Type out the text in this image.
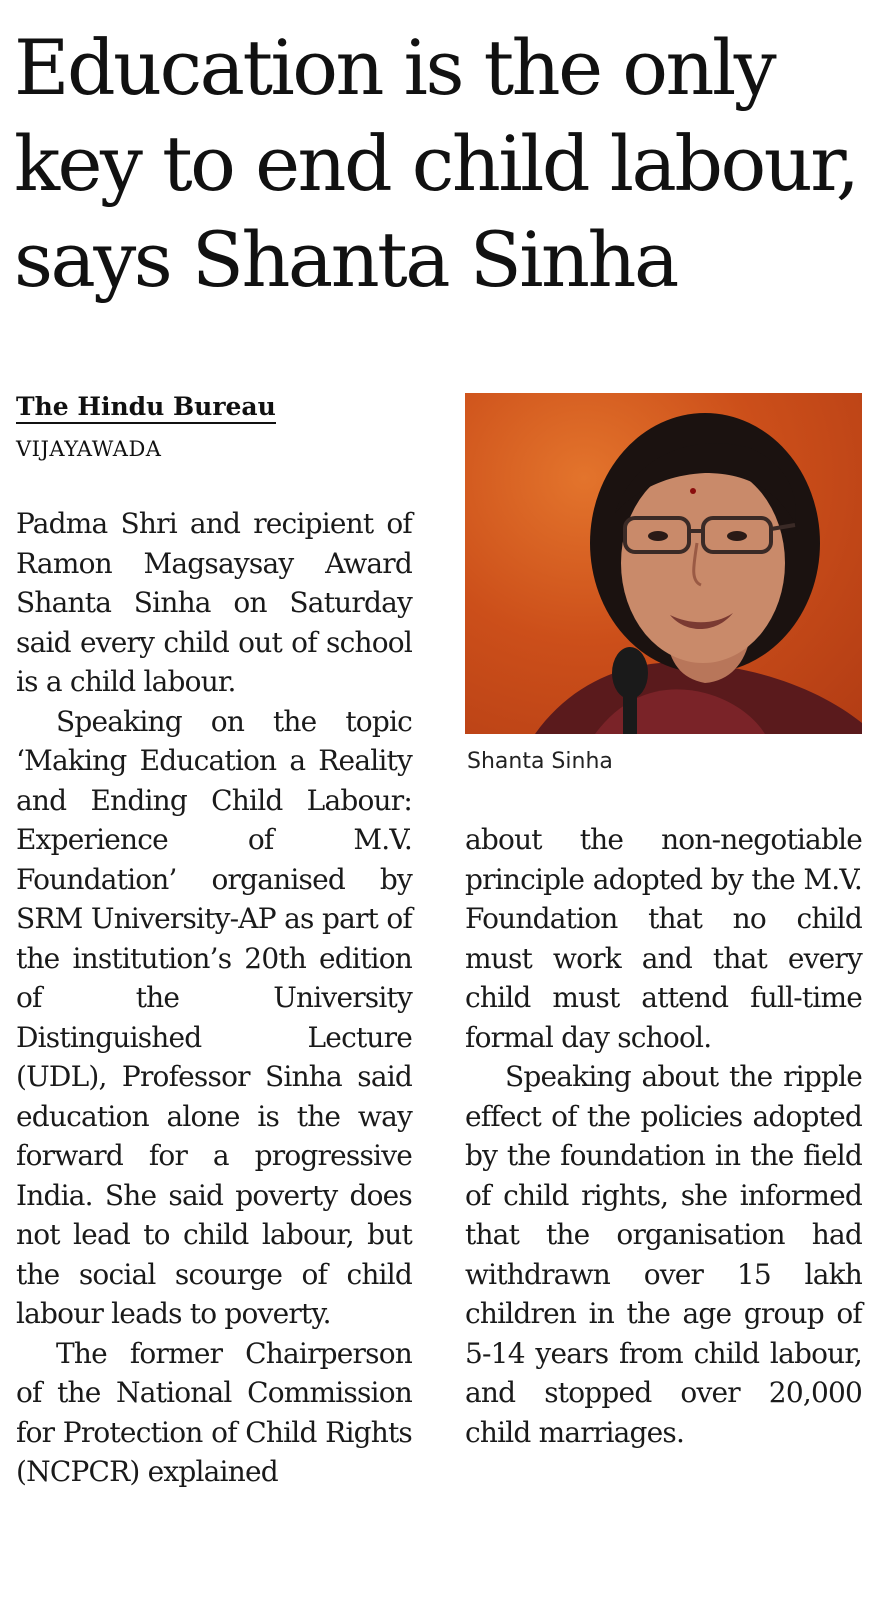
Education is the only
key to end child labour,
says Shanta Sinha
The Hindu Bureau
VIJAYAWADA

Padma Shri and recipient of Ramon Magsaysay Award Shanta Sinha on Saturday said every child out of school is a child labour.

Speaking on the topic ‘Making Education a Reality and Ending Child Labour: Experience of M.V. Foundation’ organised by SRM University-AP as part of the institution’s 20th edition of the University Distinguished Lecture (UDL), Professor Sinha said education alone is the way forward for a progressive India. She said poverty does not lead to child labour, but the social scourge of child labour leads to poverty.

The former Chairperson of the National Commission for Protection of Child Rights (NCPCR) explained

Shanta Sinha

about the non-negotiable principle adopted by the M.V. Foundation that no child must work and that every child must attend full-time formal day school.

Speaking about the ripple effect of the policies adopted by the foundation in the field of child rights, she informed that the organisation had withdrawn over 15 lakh children in the age group of 5-14 years from child labour, and stopped over 20,000 child marriages.
